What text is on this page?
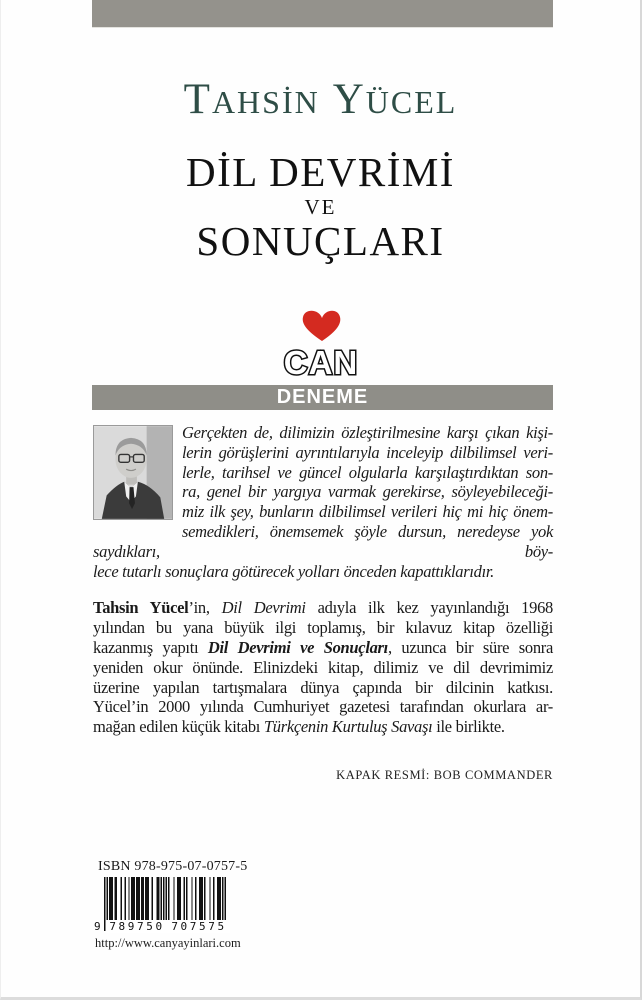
TAHSİN YÜCEL
DİL DEVRİMİ
VE
SONUÇLARI
CAN
DENEME
Gerçekten de, dilimizin özleştirilmesine karşı çıkan kişi-
lerin görüşlerini ayrıntılarıyla inceleyip dilbilimsel veri-
lerle, tarihsel ve güncel olgularla karşılaştırdıktan son-
ra, genel bir yargıya varmak gerekirse, söyleyebileceği-
miz ilk şey, bunların dilbilimsel verileri hiç mi hiç önem-
semedikleri, önemsemek şöyle dursun, neredeyse yok saydıkları, böy-
lece tutarlı sonuçlara götürecek yolları önceden kapattıklarıdır.
Tahsin Yücel’in, Dil Devrimi adıyla ilk kez yayınlandığı 1968
yılından bu yana büyük ilgi toplamış, bir kılavuz kitap özelliği
kazanmış yapıtı Dil Devrimi ve Sonuçları, uzunca bir süre sonra
yeniden okur önünde. Elinizdeki kitap, dilimiz ve dil devrimimiz
üzerine yapılan tartışmalara dünya çapında bir dilcinin katkısı.
Yücel’in 2000 yılında Cumhuriyet gazetesi tarafından okurlara ar-
mağan edilen küçük kitabı Türkçenin Kurtuluş Savaşı ile birlikte.
KAPAK RESMİ: BOB COMMANDER
ISBN 978-975-07-0757-5
9 789750 707575
http://www.canyayinlari.com
